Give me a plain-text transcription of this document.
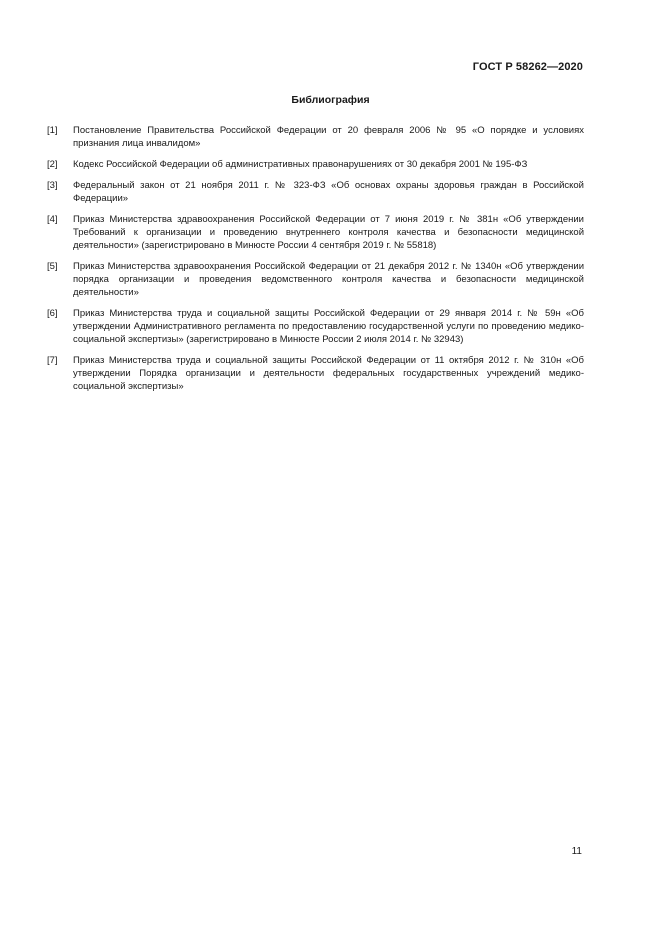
ГОСТ Р 58262—2020
Библиография
[1]	Постановление Правительства Российской Федерации от 20 февраля 2006 № 95 «О порядке и условиях признания лица инвалидом»
[2]	Кодекс Российской Федерации об административных правонарушениях от 30 декабря 2001 № 195-ФЗ
[3]	Федеральный закон от 21 ноября 2011 г. № 323-ФЗ «Об основах охраны здоровья граждан в Российской Федерации»
[4]	Приказ Министерства здравоохранения Российской Федерации от 7 июня 2019 г. № 381н «Об утверждении Требований к организации и проведению внутреннего контроля качества и безопасности медицинской деятельности» (зарегистрировано в Минюсте России 4 сентября 2019 г. № 55818)
[5]	Приказ Министерства здравоохранения Российской Федерации от 21 декабря 2012 г. № 1340н «Об утверждении порядка организации и проведения ведомственного контроля качества и безопасности медицинской деятельности»
[6]	Приказ Министерства труда и социальной защиты Российской Федерации от 29 января 2014 г. № 59н «Об утверждении Административного регламента по предоставлению государственной услуги по проведению медико-социальной экспертизы» (зарегистрировано в Минюсте России 2 июля 2014 г. № 32943)
[7]	Приказ Министерства труда и социальной защиты Российской Федерации от 11 октября 2012 г. № 310н «Об утверждении Порядка организации и деятельности федеральных государственных учреждений медико-социальной экспертизы»
11
